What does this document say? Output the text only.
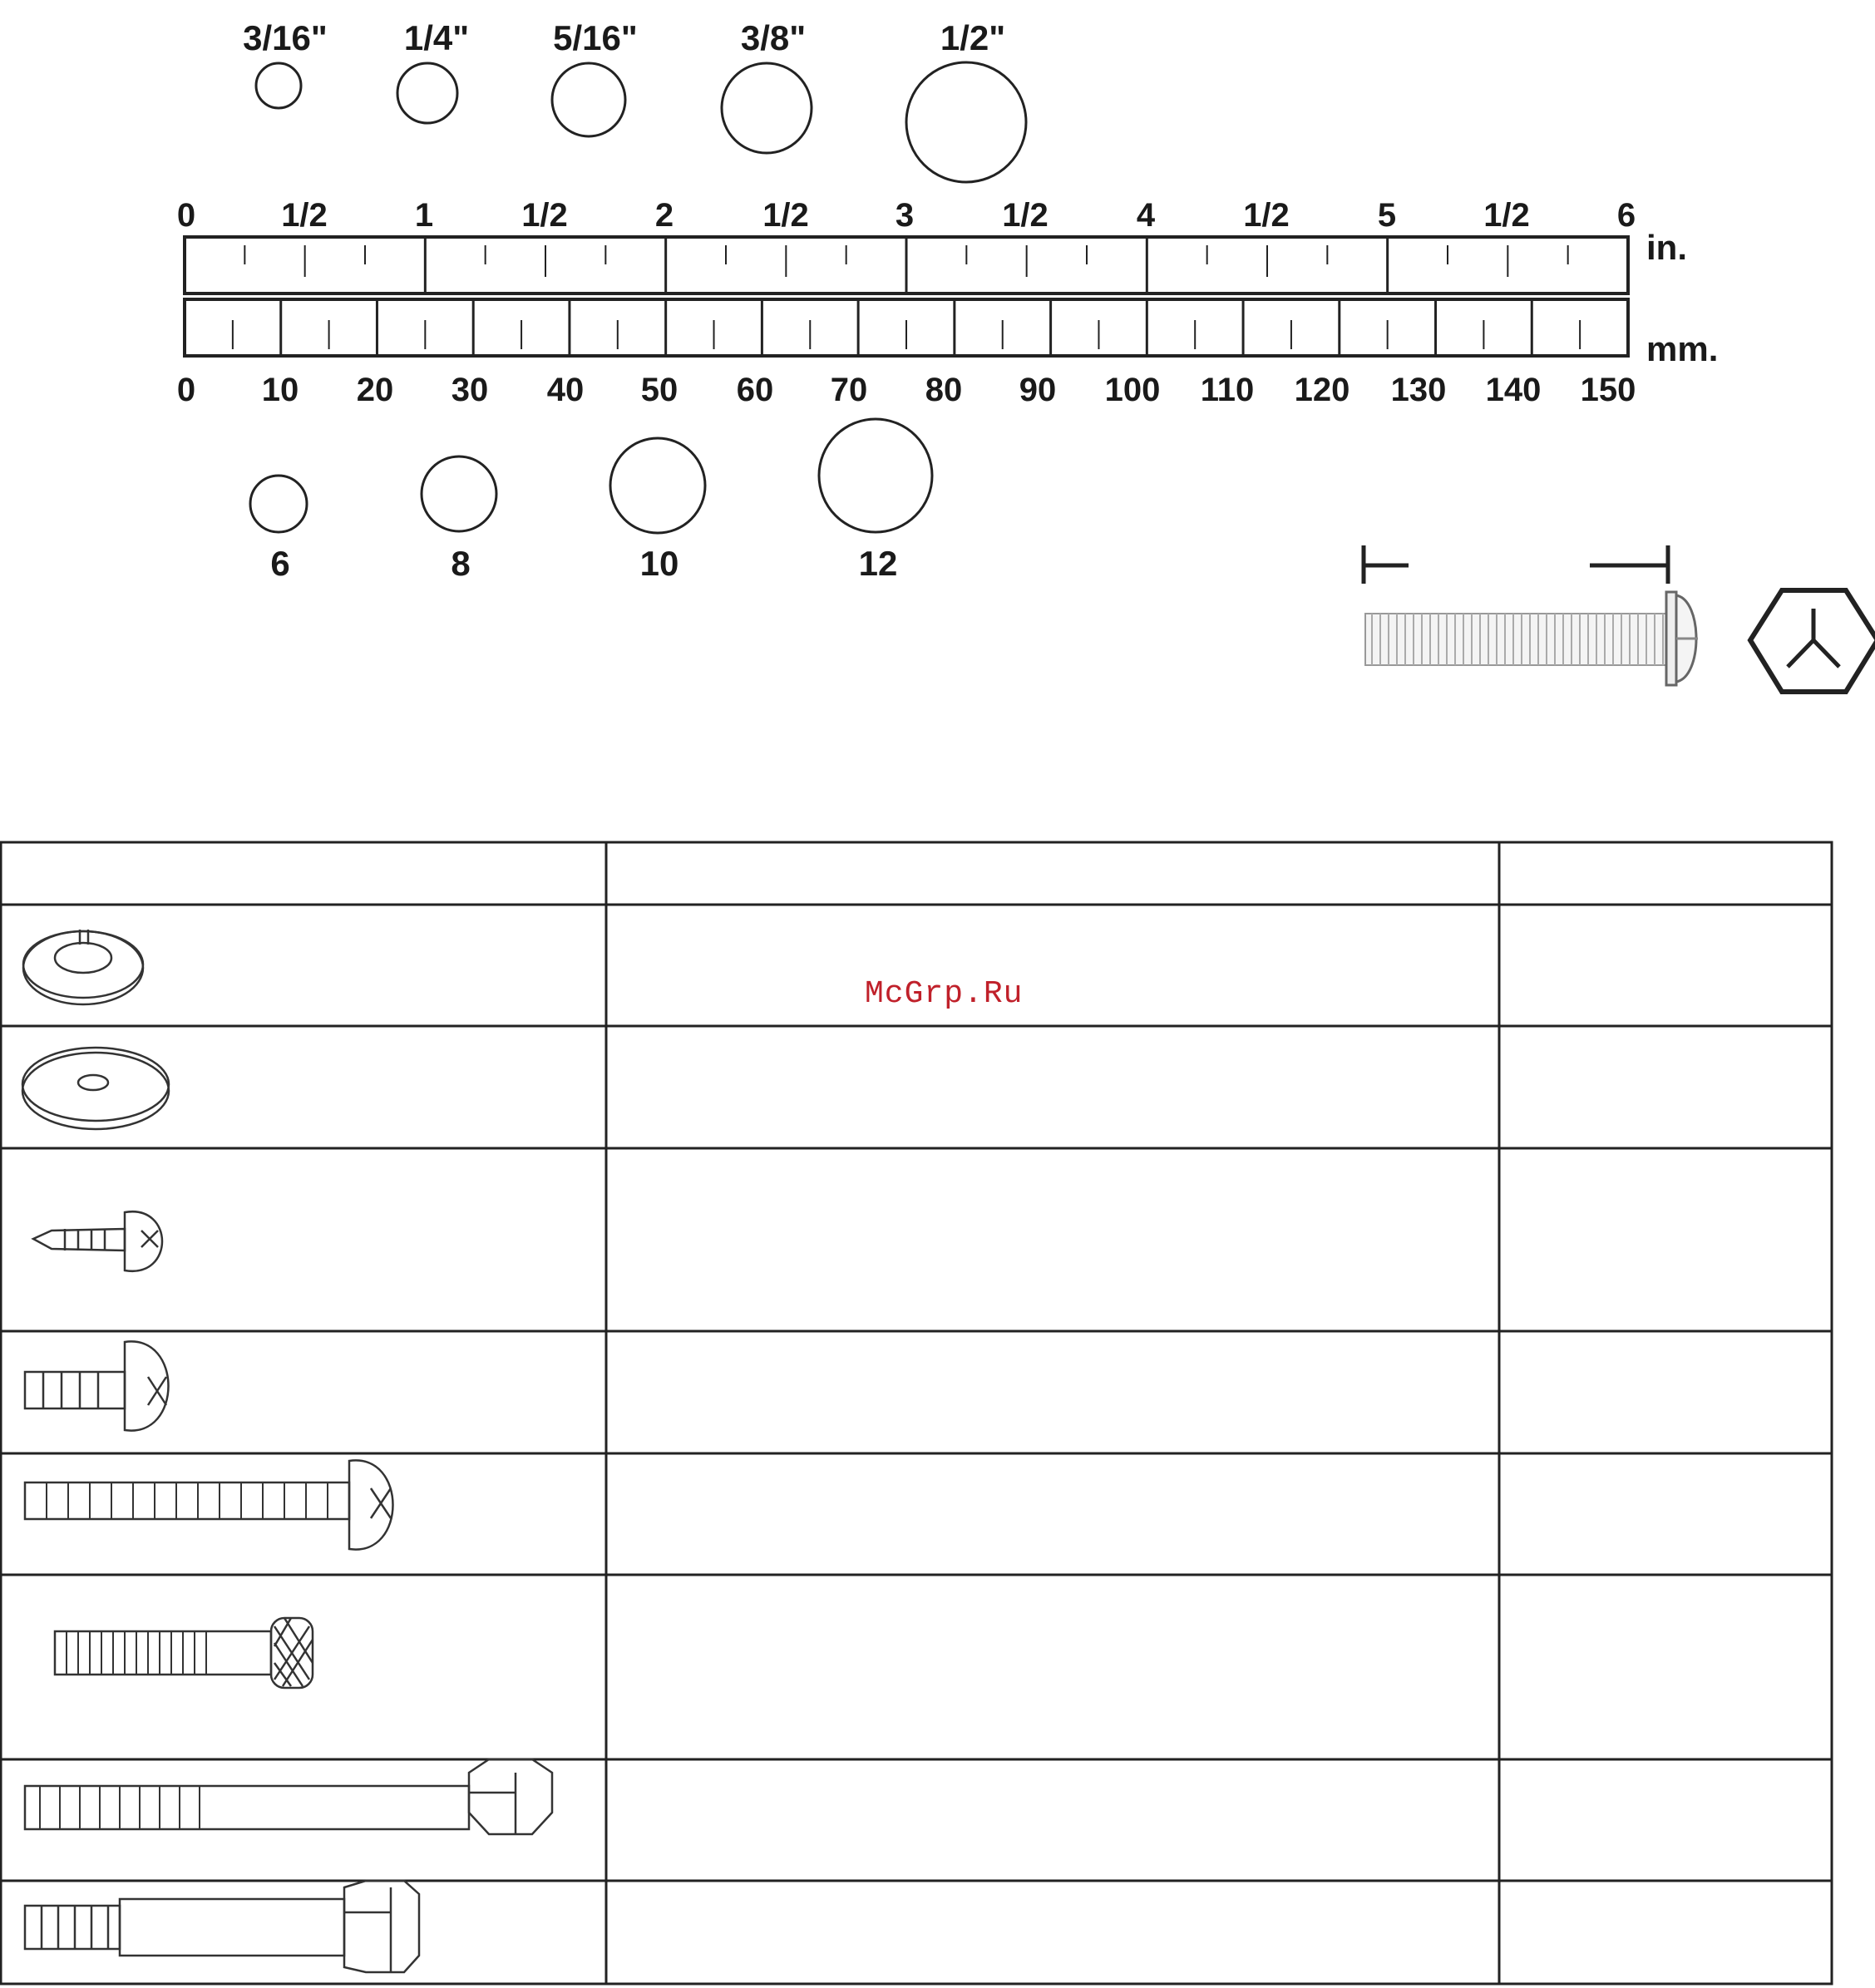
3/16" 1/4" 5/16"	3/8"	1/2"
0	1/2	1	1/2	2	1/2	3	1/2	4	1/2	5	1/2	6
in.
mm.
0 10 20 30 40 50 60 70 80 90 100 110 120 130 140 150
6	8	10	12
McGrp.Ru
